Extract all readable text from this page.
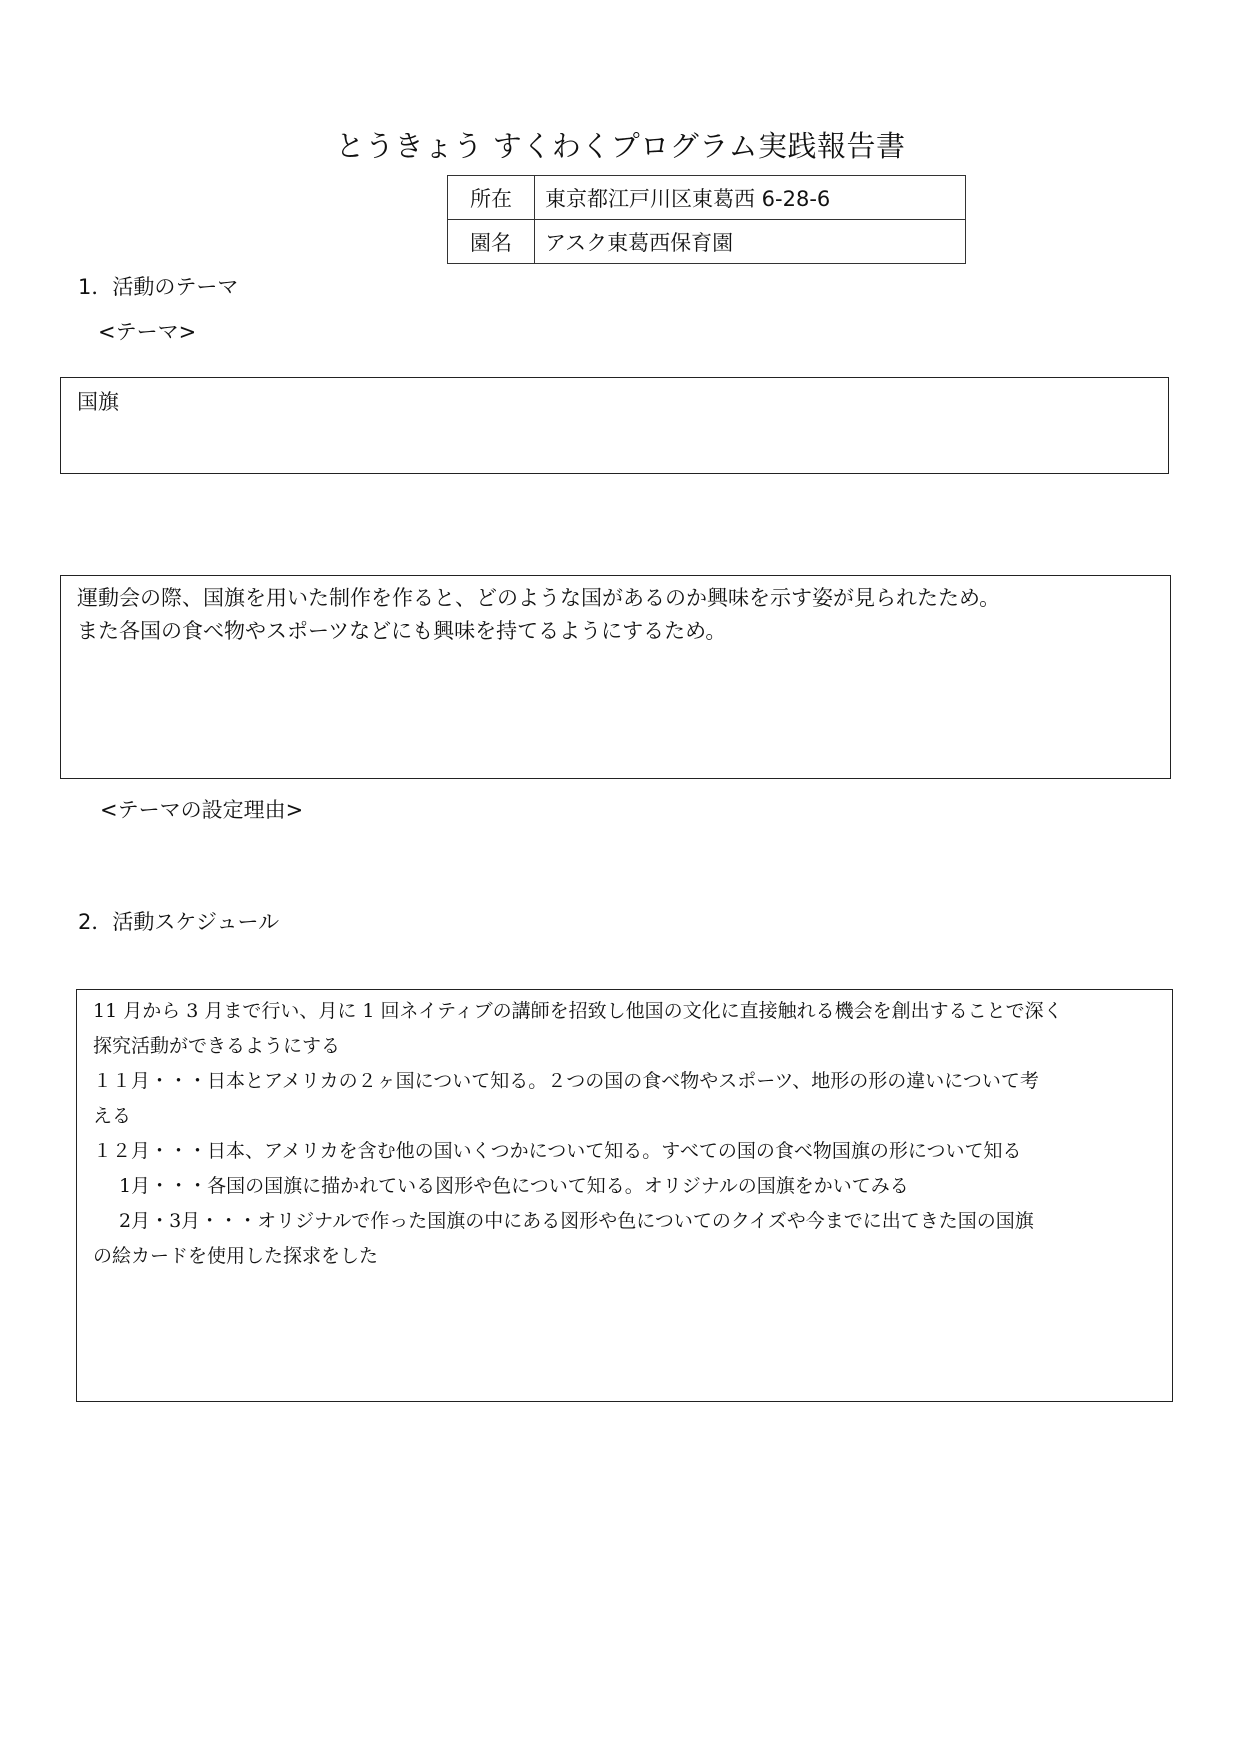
とうきょう すくわくプログラム実践報告書
所在	東京都江戸川区東葛西 6-28-6
園名	アスク東葛西保育園
1．活動のテーマ
<テーマ>
国旗
運動会の際、国旗を用いた制作を作ると、どのような国があるのか興味を示す姿が見られたため。
また各国の食べ物やスポーツなどにも興味を持てるようにするため。
<テーマの設定理由>
2．活動スケジュール

11 月から 3 月まで行い、月に 1 回ネイティブの講師を招致し他国の文化に直接触れる機会を創出することで深く

探究活動ができるようにする

１１月・・・日本とアメリカの２ヶ国について知る。２つの国の食べ物やスポーツ、地形の形の違いについて考

える

１２月・・・日本、アメリカを含む他の国いくつかについて知る。すべての国の食べ物国旗の形について知る

1月・・・各国の国旗に描かれている図形や色について知る。オリジナルの国旗をかいてみる

2月・3月・・・オリジナルで作った国旗の中にある図形や色についてのクイズや今までに出てきた国の国旗

の絵カードを使用した探求をした
